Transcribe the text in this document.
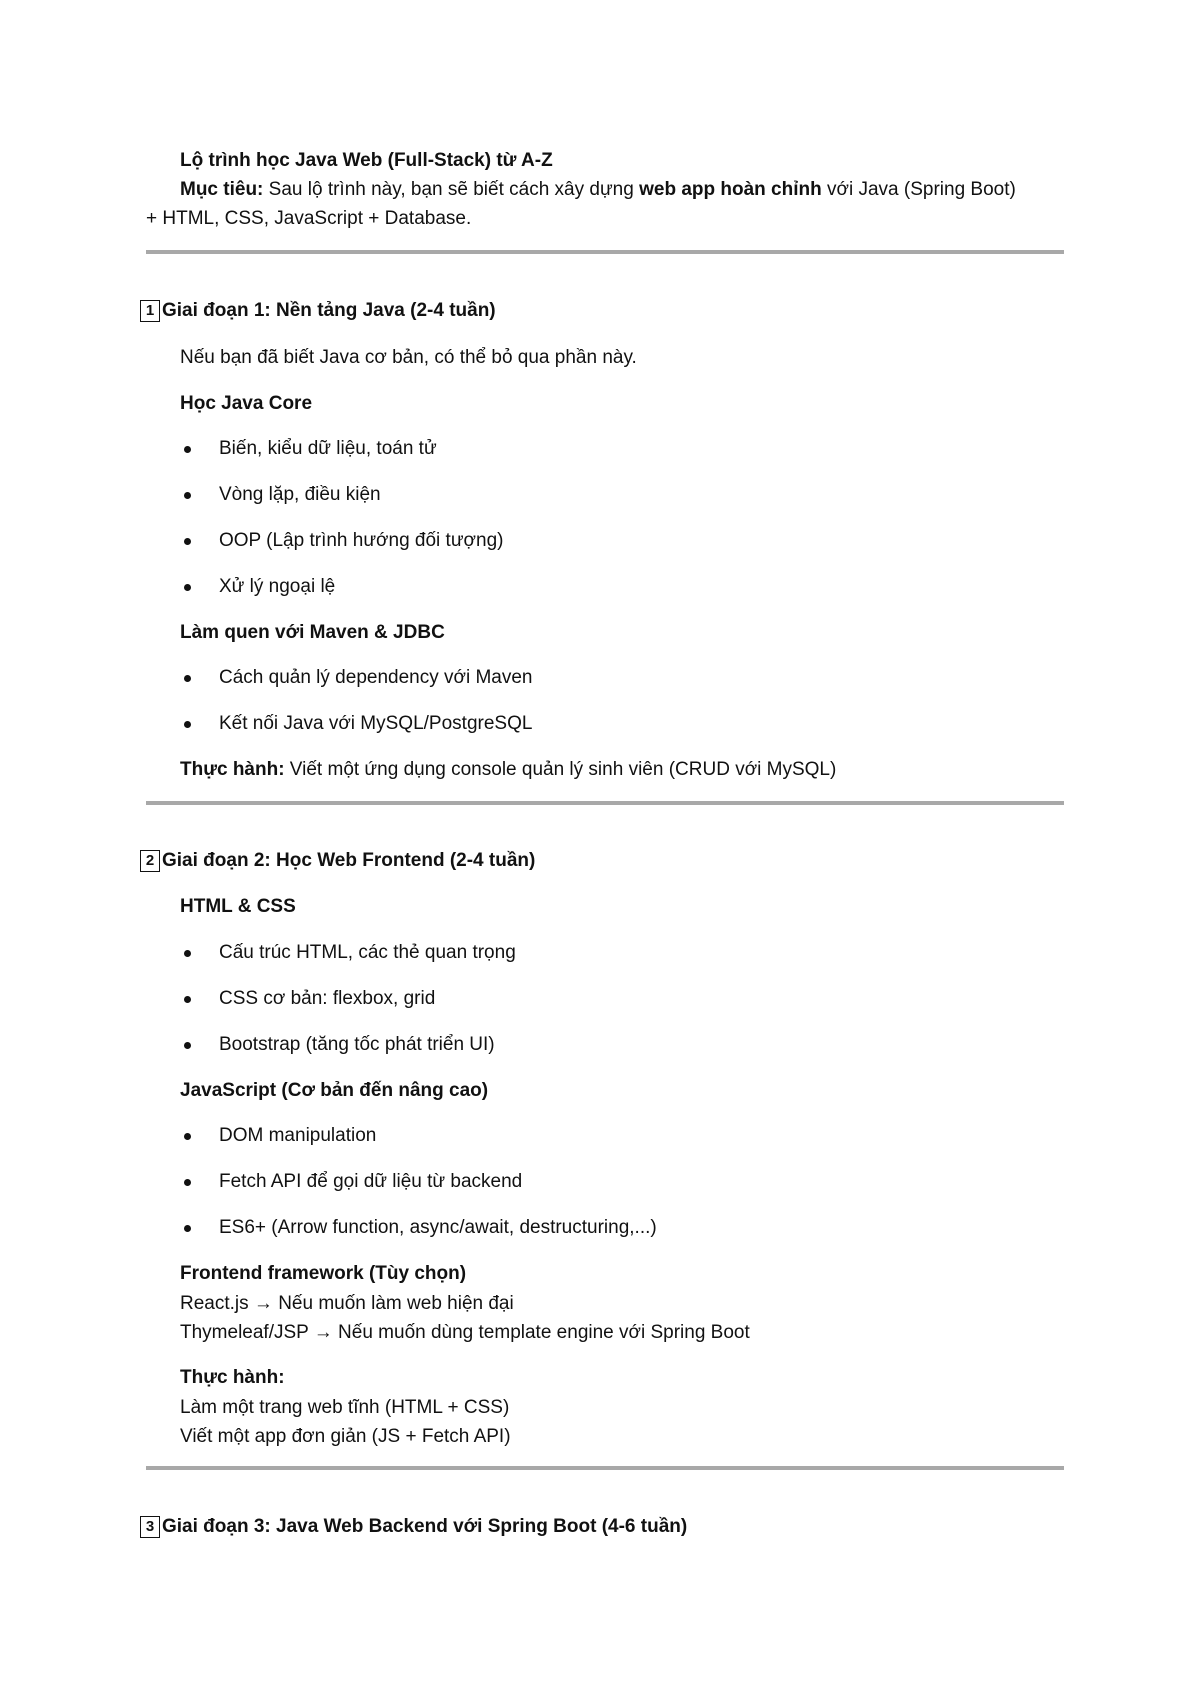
Lộ trình học Java Web (Full-Stack) từ A-Z
Mục tiêu: Sau lộ trình này, bạn sẽ biết cách xây dựng web app hoàn chỉnh với Java (Spring Boot)
+ HTML, CSS, JavaScript + Database.
1 Giai đoạn 1: Nền tảng Java (2-4 tuần)
Nếu bạn đã biết Java cơ bản, có thể bỏ qua phần này.
Học Java Core
Biến, kiểu dữ liệu, toán tử
Vòng lặp, điều kiện
OOP (Lập trình hướng đối tượng)
Xử lý ngoại lệ
Làm quen với Maven & JDBC
Cách quản lý dependency với Maven
Kết nối Java với MySQL/PostgreSQL
Thực hành: Viết một ứng dụng console quản lý sinh viên (CRUD với MySQL)
2 Giai đoạn 2: Học Web Frontend (2-4 tuần)
HTML & CSS
Cấu trúc HTML, các thẻ quan trọng
CSS cơ bản: flexbox, grid
Bootstrap (tăng tốc phát triển UI)
JavaScript (Cơ bản đến nâng cao)
DOM manipulation
Fetch API để gọi dữ liệu từ backend
ES6+ (Arrow function, async/await, destructuring,...)
Frontend framework (Tùy chọn)
React.js → Nếu muốn làm web hiện đại
Thymeleaf/JSP → Nếu muốn dùng template engine với Spring Boot
Thực hành:
Làm một trang web tĩnh (HTML + CSS)
Viết một app đơn giản (JS + Fetch API)
3 Giai đoạn 3: Java Web Backend với Spring Boot (4-6 tuần)
